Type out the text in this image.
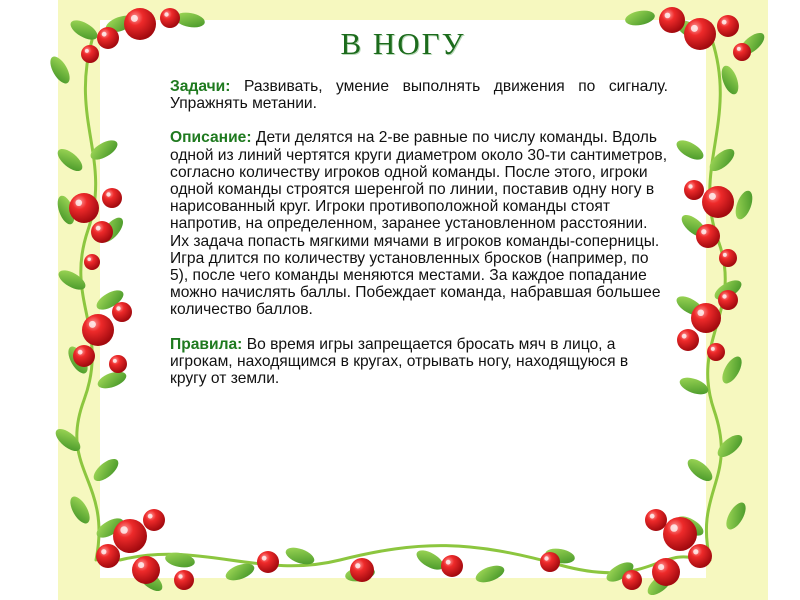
В НОГУ

Задачи: Развивать, умение выполнять движения по сигналу. Упражнять метании.

Описание: Дети делятся на 2-ве равные по числу команды. Вдоль одной из линий чертятся круги диаметром около 30-ти сантиметров, согласно количеству игроков одной команды. После этого, игроки одной команды строятся шеренгой по линии, поставив одну ногу в нарисованный круг. Игроки противоположной команды стоят напротив, на определенном, заранее установленном расстоянии. Их задача попасть мягкими мячами в игроков команды-соперницы. Игра длится по количеству установленных бросков (например, по 5), после чего команды меняются местами. За каждое попадание можно начислять баллы. Побеждает команда, набравшая большее количество баллов.

Правила: Во время игры запрещается бросать мяч в лицо, а игрокам, находящимся в кругах, отрывать ногу, находящуюся в кругу от земли.
